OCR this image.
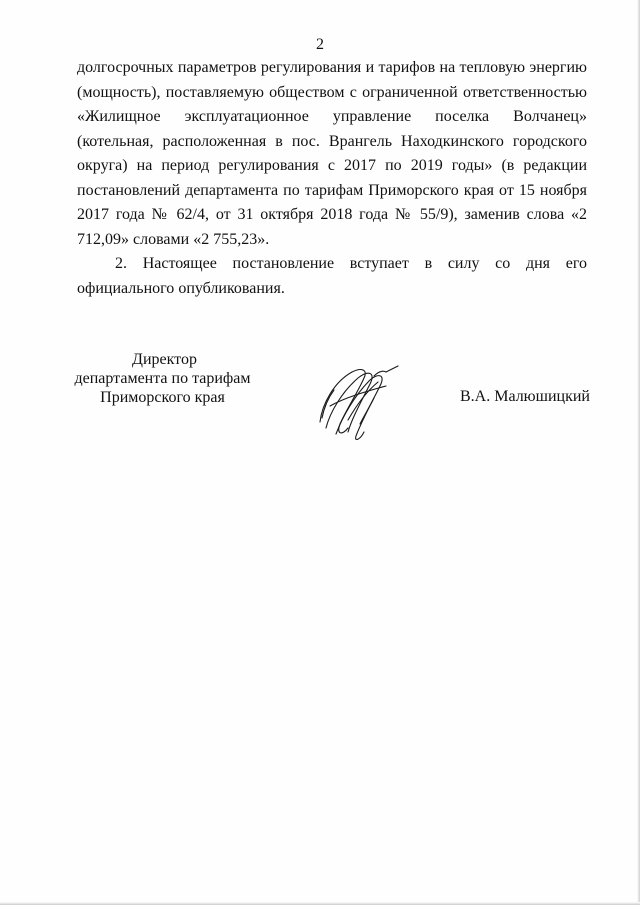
2

долгосрочных параметров регулирования и тарифов на тепловую энергию (мощность), поставляемую обществом с ограниченной ответственностью «Жилищное эксплуатационное управление поселка Волчанец» (котельная, расположенная в пос. Врангель Находкинского городского округа) на период регулирования с 2017 по 2019 годы» (в редакции постановлений департамента по тарифам Приморского края от 15 ноября 2017 года № 62/4, от 31 октября 2018 года № 55/9), заменив слова «2 712,09» словами «2 755,23».

2. Настоящее постановление вступает в силу со дня его официального опубликования.

Директор
департамента по тарифам
Приморского края	В.А. Малюшицкий
